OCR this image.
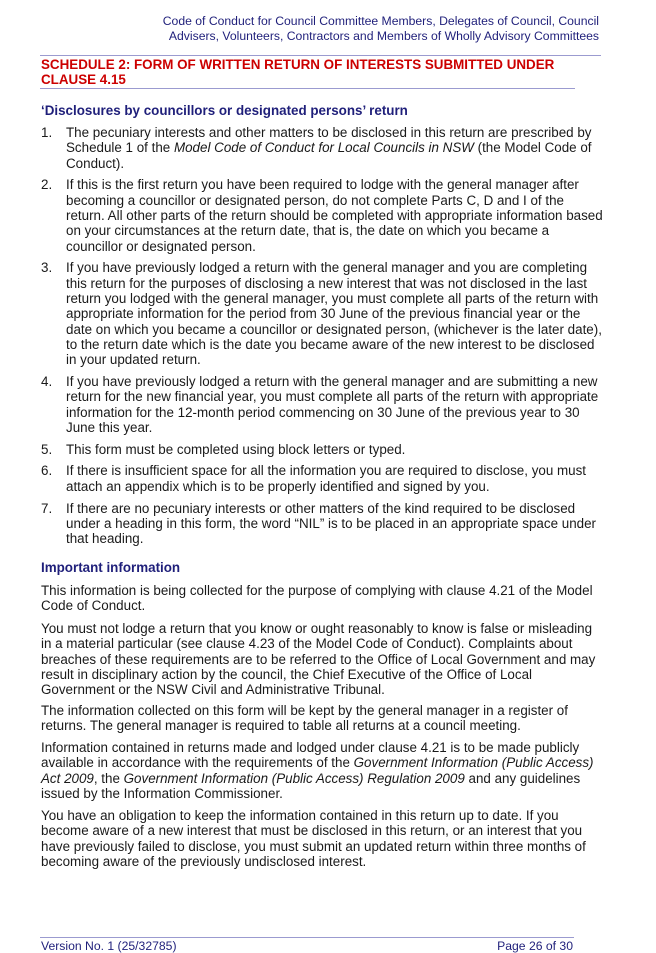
Code of Conduct for Council Committee Members, Delegates of Council, Council
Advisers, Volunteers, Contractors and Members of Wholly Advisory Committees
SCHEDULE 2: FORM OF WRITTEN RETURN OF INTERESTS SUBMITTED UNDER
CLAUSE 4.15
‘Disclosures by councillors or designated persons’ return
1. The pecuniary interests and other matters to be disclosed in this return are prescribed by Schedule 1 of the Model Code of Conduct for Local Councils in NSW (the Model Code of Conduct).
2. If this is the first return you have been required to lodge with the general manager after becoming a councillor or designated person, do not complete Parts C, D and I of the return. All other parts of the return should be completed with appropriate information based on your circumstances at the return date, that is, the date on which you became a councillor or designated person.
3. If you have previously lodged a return with the general manager and you are completing this return for the purposes of disclosing a new interest that was not disclosed in the last return you lodged with the general manager, you must complete all parts of the return with appropriate information for the period from 30 June of the previous financial year or the date on which you became a councillor or designated person, (whichever is the later date), to the return date which is the date you became aware of the new interest to be disclosed in your updated return.
4. If you have previously lodged a return with the general manager and are submitting a new return for the new financial year, you must complete all parts of the return with appropriate information for the 12-month period commencing on 30 June of the previous year to 30 June this year.
5. This form must be completed using block letters or typed.
6. If there is insufficient space for all the information you are required to disclose, you must attach an appendix which is to be properly identified and signed by you.
7. If there are no pecuniary interests or other matters of the kind required to be disclosed under a heading in this form, the word “NIL” is to be placed in an appropriate space under that heading.
Important information

This information is being collected for the purpose of complying with clause 4.21 of the Model Code of Conduct.

You must not lodge a return that you know or ought reasonably to know is false or misleading in a material particular (see clause 4.23 of the Model Code of Conduct). Complaints about breaches of these requirements are to be referred to the Office of Local Government and may result in disciplinary action by the council, the Chief Executive of the Office of Local Government or the NSW Civil and Administrative Tribunal.

The information collected on this form will be kept by the general manager in a register of returns. The general manager is required to table all returns at a council meeting.

Information contained in returns made and lodged under clause 4.21 is to be made publicly available in accordance with the requirements of the Government Information (Public Access) Act 2009, the Government Information (Public Access) Regulation 2009 and any guidelines issued by the Information Commissioner.

You have an obligation to keep the information contained in this return up to date. If you become aware of a new interest that must be disclosed in this return, or an interest that you have previously failed to disclose, you must submit an updated return within three months of becoming aware of the previously undisclosed interest.

Version No. 1 (25/32785)	Page 26 of 30
